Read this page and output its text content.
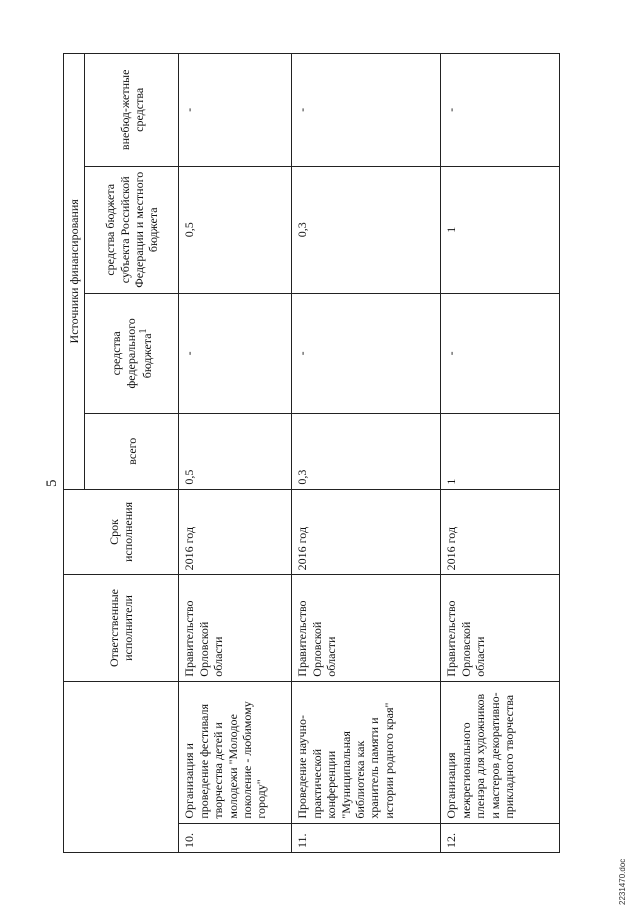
5
		Ответственные исполнители	Срок исполнения	Источники финансирования			
				всего	средства федерального бюджета$^1$	средства бюджета субъекта Российской Федерации и местного бюджета	внебюд-жетные средства
10.	Организация и проведение фестиваля творчества детей и молодежи "Молодое поколение - любимому городу"	Правительство Орловской области	2016 год	0,5	-	0,5	-
11.	Проведение научно-практической конференции "Муниципальная библиотека как хранитель памяти и истории родного края"	Правительство Орловской области	2016 год	0,3	-	0,3	-
12.	Организация межрегионального пленэра для художников и мастеров декоративно-прикладного творчества	Правительство Орловской области	2016 год	1	-	1	-
2231470.doc
